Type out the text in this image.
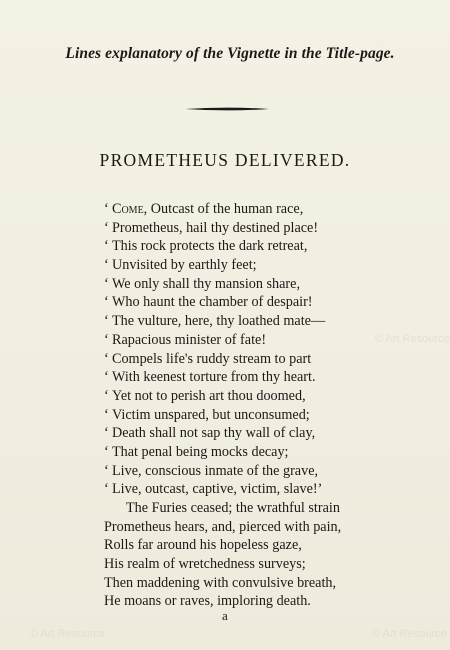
© Art Resource
© Art Resource	© Art Resource
Lines explanatory of the Vignette in the Title-page.
PROMETHEUS DELIVERED.
‘ Come, Outcast of the human race,
‘ Prometheus, hail thy destined place!
‘ This rock protects the dark retreat,
‘ Unvisited by earthly feet;
‘ We only shall thy mansion share,
‘ Who haunt the chamber of despair!
‘ The vulture, here, thy loathed mate—
‘ Rapacious minister of fate!
‘ Compels life's ruddy stream to part
‘ With keenest torture from thy heart.
‘ Yet not to perish art thou doomed,
‘ Victim unspared, but unconsumed;
‘ Death shall not sap thy wall of clay,
‘ That penal being mocks decay;
‘ Live, conscious inmate of the grave,
‘ Live, outcast, captive, victim, slave!’
The Furies ceased; the wrathful strain
Prometheus hears, and, pierced with pain,
Rolls far around his hopeless gaze,
His realm of wretchedness surveys;
Then maddening with convulsive breath,
He moans or raves, imploring death.
a
